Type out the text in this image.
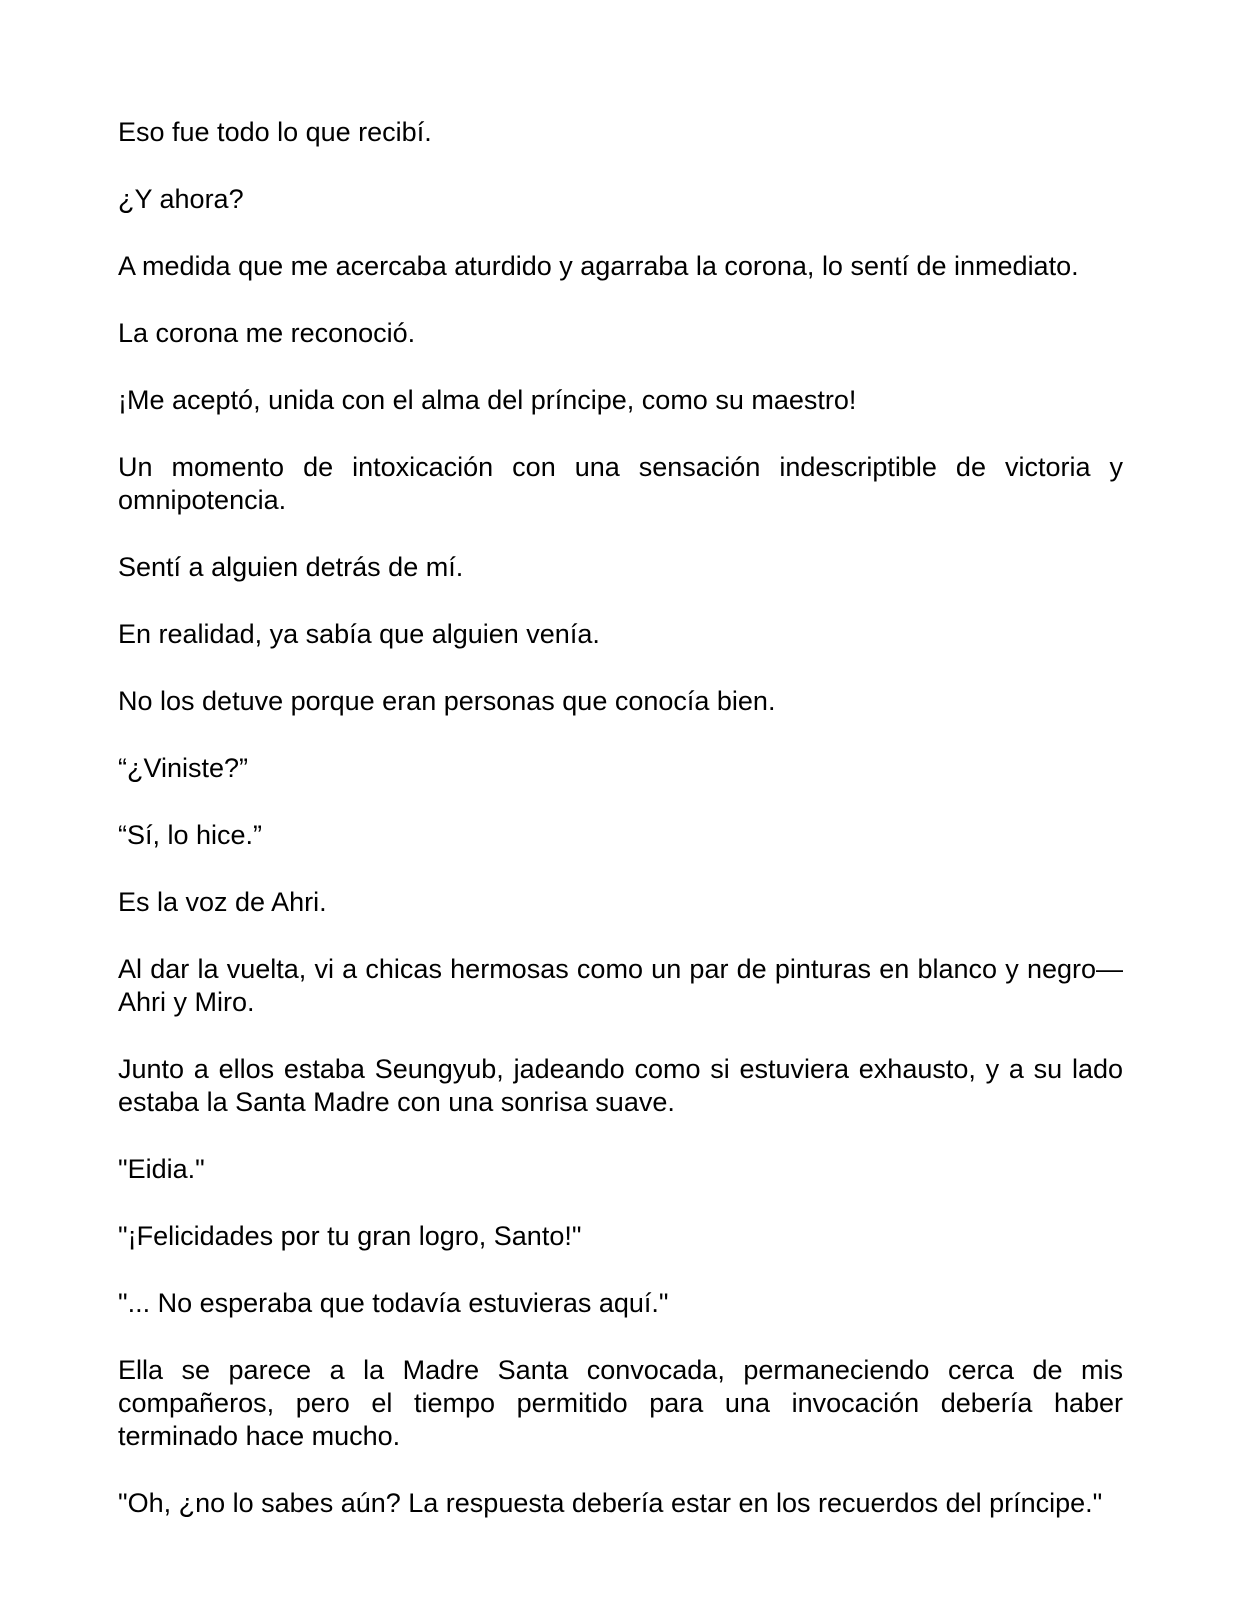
Eso fue todo lo que recibí.

¿Y ahora?

A medida que me acercaba aturdido y agarraba la corona, lo sentí de inmediato.

La corona me reconoció.

¡Me aceptó, unida con el alma del príncipe, como su maestro!

Un momento de intoxicación con una sensación indescriptible de victoria y omnipotencia.

Sentí a alguien detrás de mí.

En realidad, ya sabía que alguien venía.

No los detuve porque eran personas que conocía bien.

“¿Viniste?”

“Sí, lo hice.”

Es la voz de Ahri.

Al dar la vuelta, vi a chicas hermosas como un par de pinturas en blanco y negro—Ahri y Miro.

Junto a ellos estaba Seungyub, jadeando como si estuviera exhausto, y a su lado estaba la Santa Madre con una sonrisa suave.

"Eidia."

"¡Felicidades por tu gran logro, Santo!"

"... No esperaba que todavía estuvieras aquí."

Ella se parece a la Madre Santa convocada, permaneciendo cerca de mis compañeros, pero el tiempo permitido para una invocación debería haber terminado hace mucho.

"Oh, ¿no lo sabes aún? La respuesta debería estar en los recuerdos del príncipe."
